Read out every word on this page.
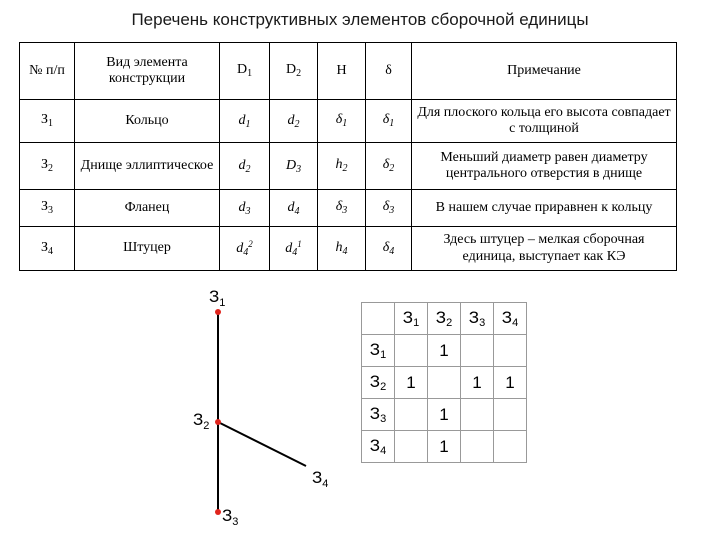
Перечень конструктивных элементов сборочной единицы
№ п/п	Вид элемента конструкции	$D_1$	$D_2$	H	δ	Примечание
$З_1$	Кольцо	$d_1$	$d_2$	$\delta_1$	$\delta_1$	Для плоского кольца его высота совпадает с толщиной
$З_2$	Днище эллиптическое	$d_2$	$D_3$	$h_2$	$\delta_2$	Меньший диаметр равен диаметру центрального отверстия в днище
$З_3$	Фланец	$d_3$	$d_4$	$\delta_3$	$\delta_3$	В нашем случае приравнен к кольцу
$З_4$	Штуцер	$d_4^2$	$d_4^1$	$h_4$	$\delta_4$	Здесь штуцер – мелкая сборочная единица, выступает как КЭ
$З_1$
$З_2$
$З_3$
$З_4$
	З1	З2	З3	З4
З1		1		
З2	1		1	1
З3		1		
З4		1		
